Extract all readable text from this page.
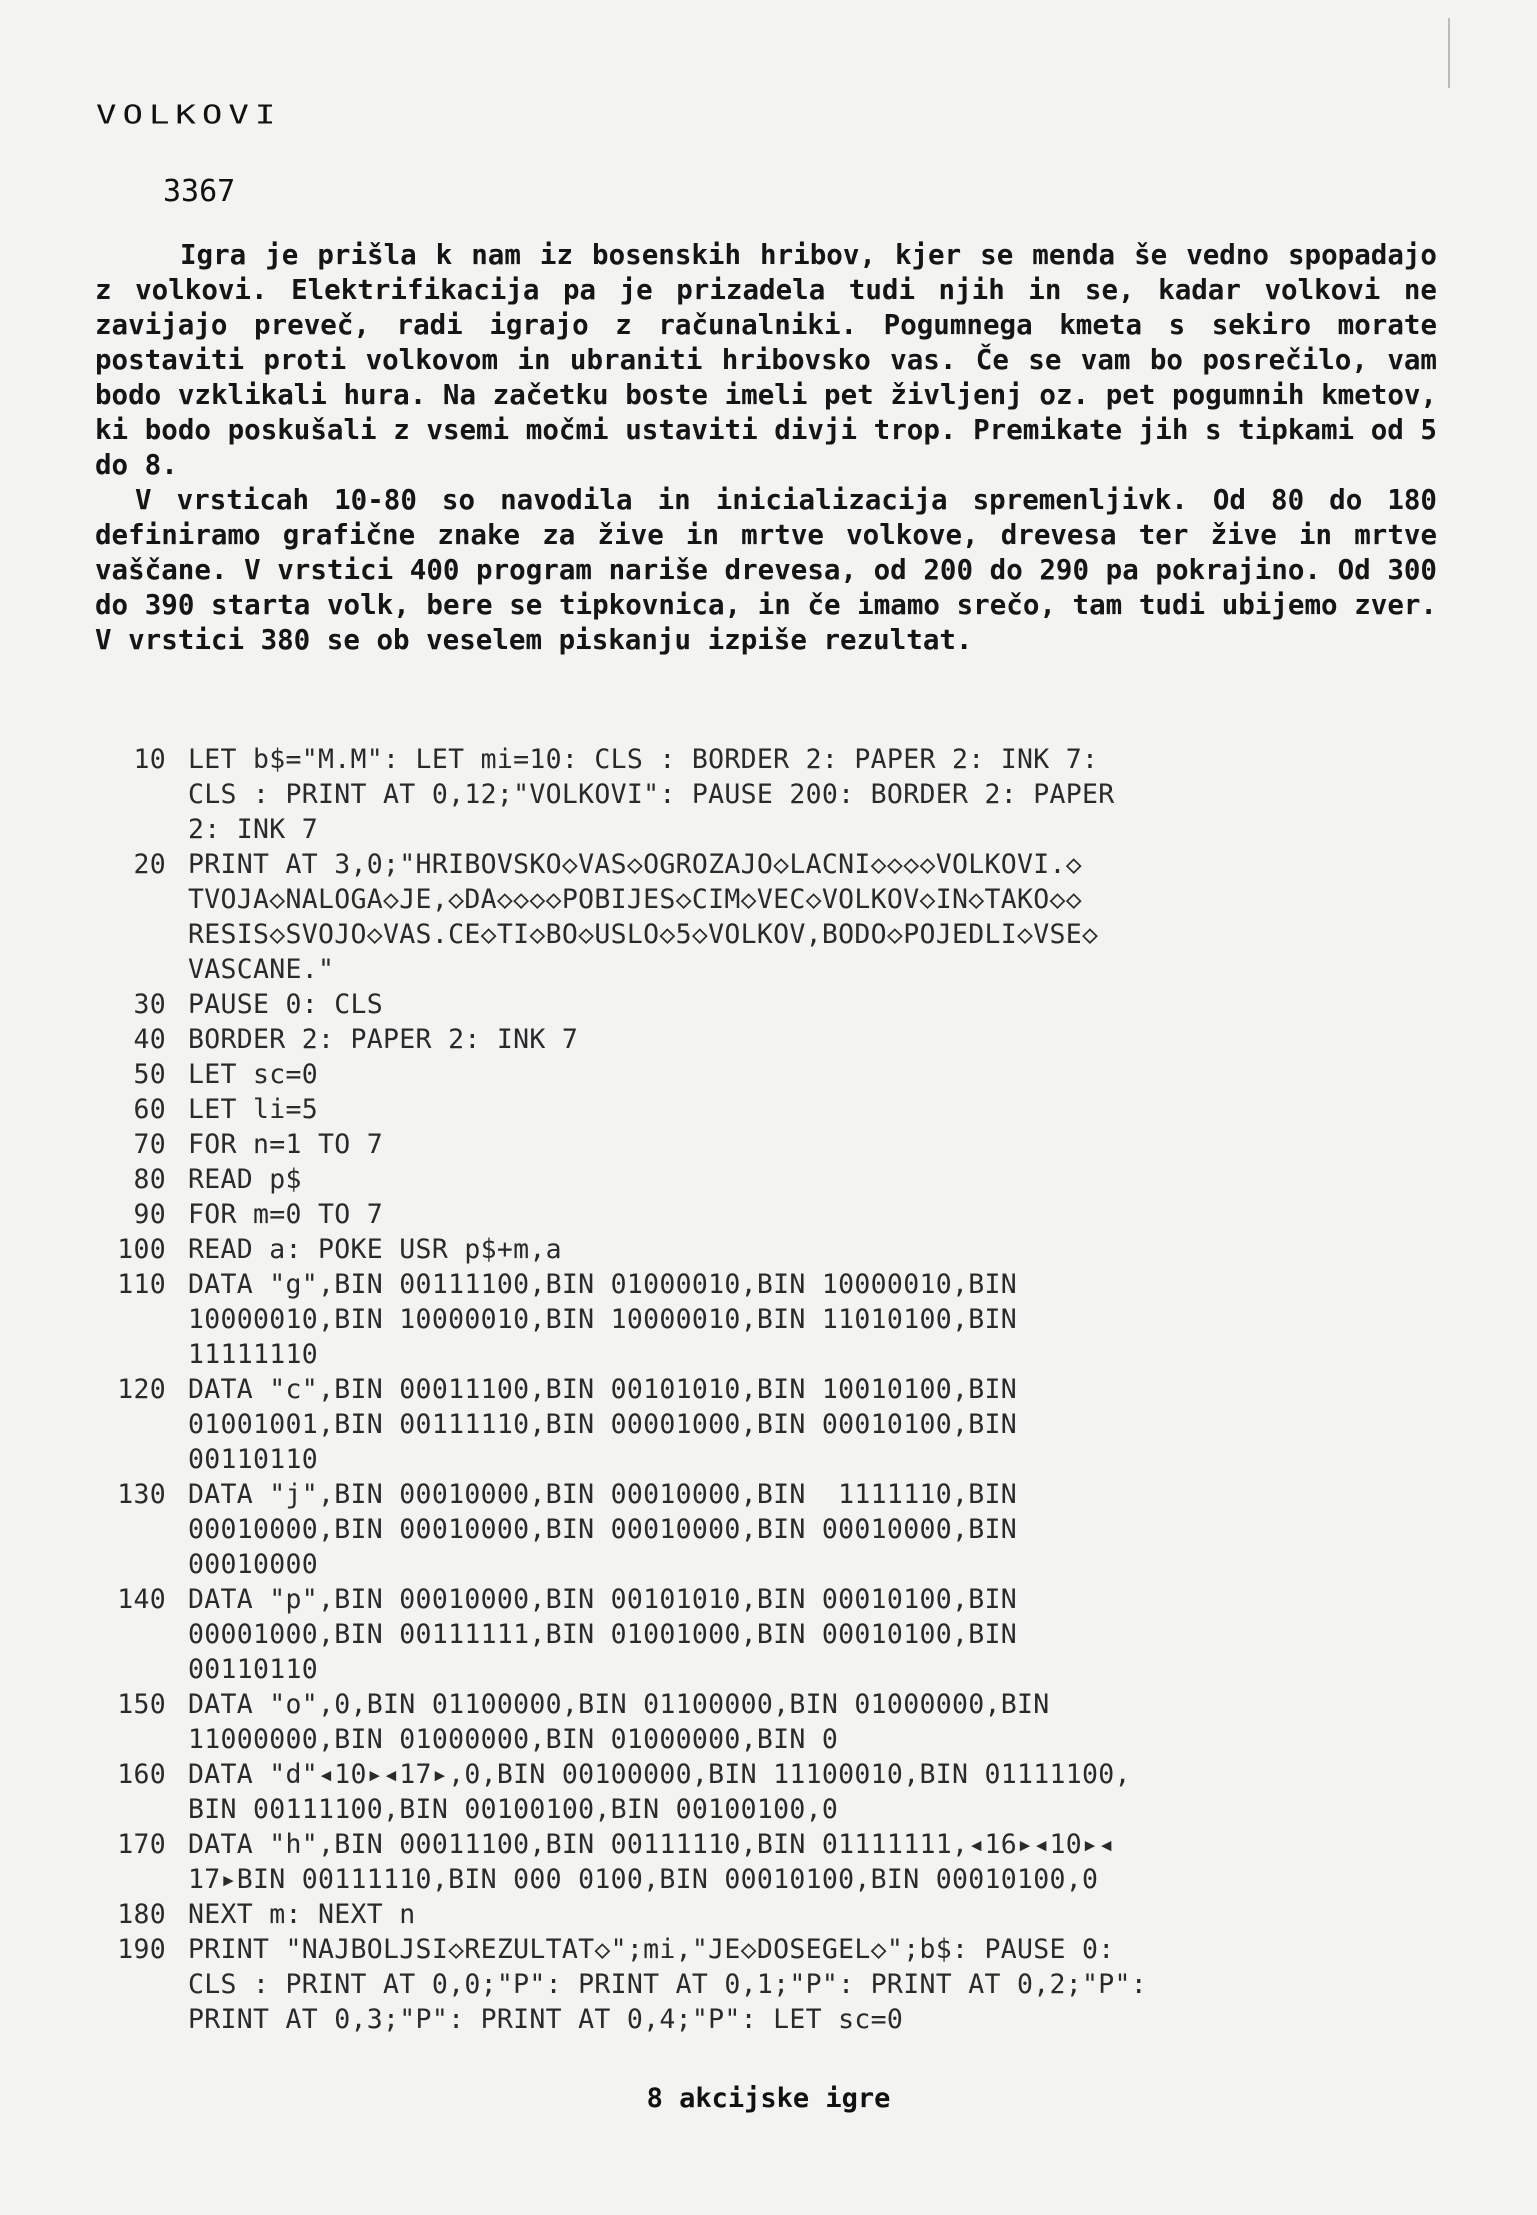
VOLKOVI
3367

Igra je prišla k nam iz bosenskih hribov, kjer se menda še vedno spopadajo z volkovi. Elektrifikacija pa je prizadela tudi njih in se, kadar volkovi ne zavijajo preveč, radi igrajo z računalniki. Pogumnega kmeta s sekiro morate postaviti proti volkovom in ubraniti hribovsko vas. Če se vam bo posrečilo, vam bodo vzklikali hura. Na začetku boste imeli pet življenj oz. pet pogumnih kmetov, ki bodo poskušali z vsemi močmi ustaviti divji trop. Premikate jih s tipkami od 5 do 8.

V vrsticah 10-80 so navodila in inicializacija spremenljivk. Od 80 do 180 definiramo grafične znake za žive in mrtve volkove, drevesa ter žive in mrtve vaščane. V vrstici 400 program nariše drevesa, od 200 do 290 pa pokrajino. Od 300 do 390 starta volk, bere se tipkovnica, in če imamo srečo, tam tudi ubijemo zver. V vrstici 380 se ob veselem piskanju izpiše rezultat.

10 LET b$="M.M": LET mi=10: CLS : BORDER 2: PAPER 2: INK 7:
CLS : PRINT AT 0,12;"VOLKOVI": PAUSE 200: BORDER 2: PAPER
2: INK 7
20 PRINT AT 3,0;"HRIBOVSKO◇VAS◇OGROZAJO◇LACNI◇◇◇◇VOLKOVI.◇
TVOJA◇NALOGA◇JE,◇DA◇◇◇◇POBIJES◇CIM◇VEC◇VOLKOV◇IN◇TAKO◇◇
RESIS◇SVOJO◇VAS.CE◇TI◇BO◇USLO◇5◇VOLKOV,BODO◇POJEDLI◇VSE◇
VASCANE."
30 PAUSE 0: CLS
40 BORDER 2: PAPER 2: INK 7
50 LET sc=0
60 LET li=5
70 FOR n=1 TO 7
80 READ p$
90 FOR m=0 TO 7
100 READ a: POKE USR p$+m,a
110 DATA "g",BIN 00111100,BIN 01000010,BIN 10000010,BIN
10000010,BIN 10000010,BIN 10000010,BIN 11010100,BIN
11111110
120 DATA "c",BIN 00011100,BIN 00101010,BIN 10010100,BIN
01001001,BIN 00111110,BIN 00001000,BIN 00010100,BIN
00110110
130 DATA "j",BIN 00010000,BIN 00010000,BIN  1111110,BIN
00010000,BIN 00010000,BIN 00010000,BIN 00010000,BIN
00010000
140 DATA "p",BIN 00010000,BIN 00101010,BIN 00010100,BIN
00001000,BIN 00111111,BIN 01001000,BIN 00010100,BIN
00110110
150 DATA "o",0,BIN 01100000,BIN 01100000,BIN 01000000,BIN
11000000,BIN 01000000,BIN 01000000,BIN 0
160 DATA "d"◂10▸◂17▸,0,BIN 00100000,BIN 11100010,BIN 01111100,
BIN 00111100,BIN 00100100,BIN 00100100,0
170 DATA "h",BIN 00011100,BIN 00111110,BIN 01111111,◂16▸◂10▸◂
17▸BIN 00111110,BIN 000 0100,BIN 00010100,BIN 00010100,0
180 NEXT m: NEXT n
190 PRINT "NAJBOLJSI◇REZULTAT◇";mi,"JE◇DOSEGEL◇";b$: PAUSE 0:
CLS : PRINT AT 0,0;"P": PRINT AT 0,1;"P": PRINT AT 0,2;"P":
PRINT AT 0,3;"P": PRINT AT 0,4;"P": LET sc=0
8 akcijske igre
